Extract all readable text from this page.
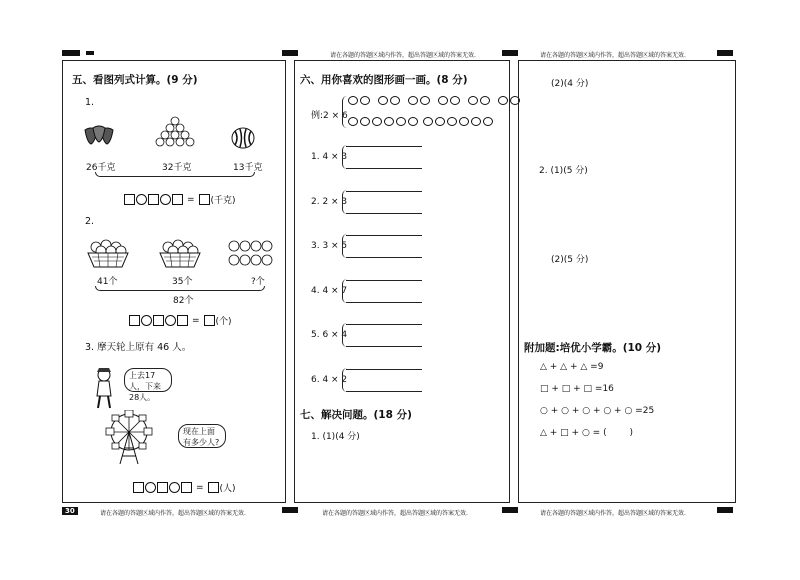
请在各题的答题区域内作答，超出答题区域的答案无效.	请在各题的答题区域内作答，超出答题区域的答案无效.
30	请在各题的答题区域内作答，超出答题区域的答案无效.	请在各题的答题区域内作答，超出答题区域的答案无效.	请在各题的答题区域内作答，超出答题区域的答案无效.
五、看图列式计算。(9 分)
1.
26千克	32千克	13千克
= (千克)
2.
41个	35个	?个
82个
= (个)
3. 摩天轮上原有 46 人。
上去17人，下来28人。
现在上面有多少人?
= (人)
六、用你喜欢的图形画一画。(8 分)
例:2 × 6

1. 4 × 3
2. 2 × 3
3. 3 × 5
4. 4 × 7
5. 6 × 4
6. 4 × 2
七、解决问题。(18 分)
1. (1)(4 分)
(2)(4 分)
2. (1)(5 分)
(2)(5 分)
附加题:培优小学霸。(10 分)
△ + △ + △ =9
□ + □ + □ =16
○ + ○ + ○ + ○ + ○ =25
△ + □ + ○ = (        )
